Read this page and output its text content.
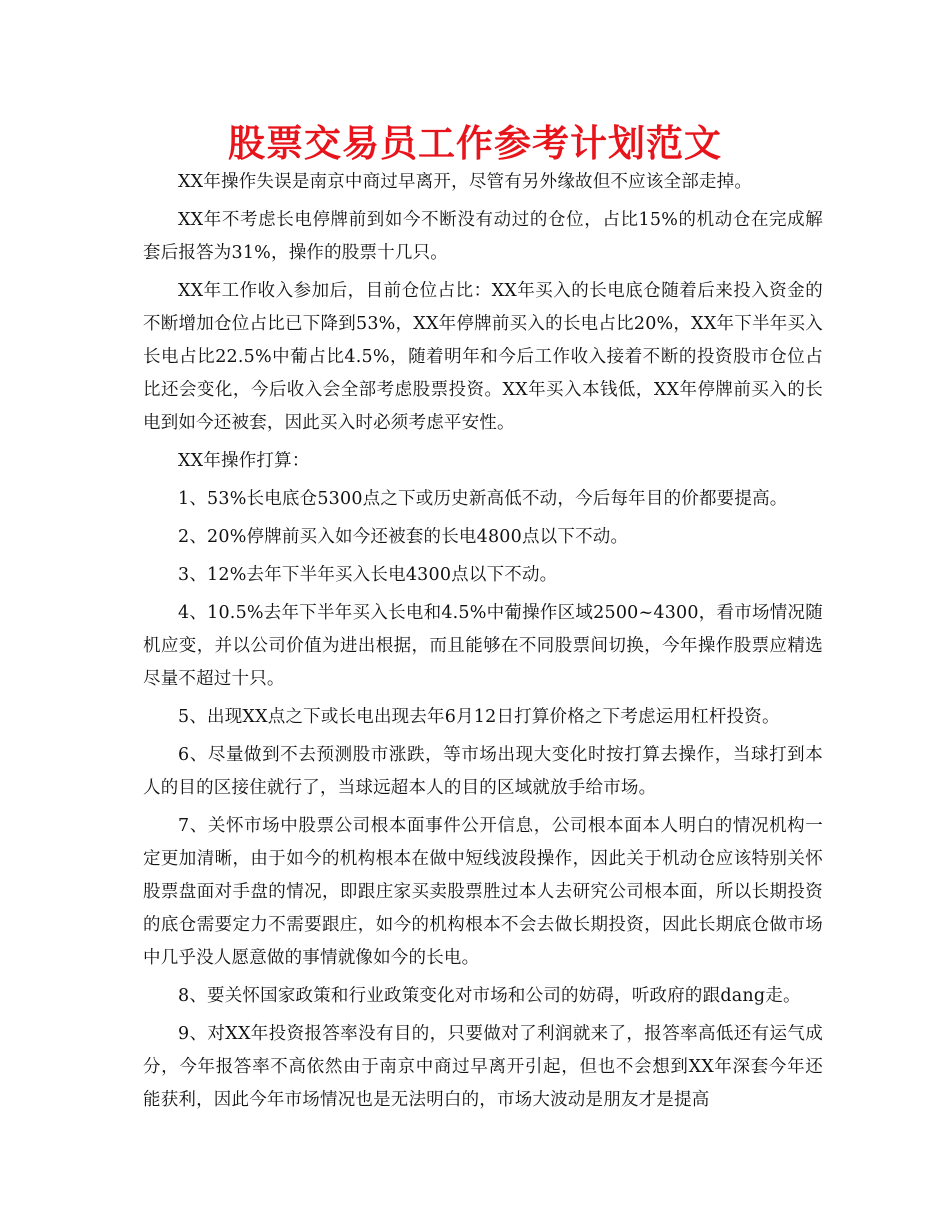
股票交易员工作参考计划范文

XX年操作失误是南京中商过早离开，尽管有另外缘故但不应该全部走掉。

XX年不考虑长电停牌前到如今不断没有动过的仓位，占比15%的机动仓在完成解套后报答为31%，操作的股票十几只。

XX年工作收入参加后，目前仓位占比：XX年买入的长电底仓随着后来投入资金的不断增加仓位占比已下降到53%，XX年停牌前买入的长电占比20%，XX年下半年买入长电占比22.5%中葡占比4.5%，随着明年和今后工作收入接着不断的投资股市仓位占比还会变化，今后收入会全部考虑股票投资。XX年买入本钱低，XX年停牌前买入的长电到如今还被套，因此买入时必须考虑平安性。

XX年操作打算：

1、53%长电底仓5300点之下或历史新高低不动，今后每年目的价都要提高。

2、20%停牌前买入如今还被套的长电4800点以下不动。

3、12%去年下半年买入长电4300点以下不动。

4、10.5%去年下半年买入长电和4.5%中葡操作区域2500~4300，看市场情况随机应变，并以公司价值为进出根据，而且能够在不同股票间切换，今年操作股票应精选尽量不超过十只。

5、出现XX点之下或长电出现去年6月12日打算价格之下考虑运用杠杆投资。

6、尽量做到不去预测股市涨跌，等市场出现大变化时按打算去操作，当球打到本人的目的区接住就行了，当球远超本人的目的区域就放手给市场。

7、关怀市场中股票公司根本面事件公开信息，公司根本面本人明白的情况机构一定更加清晰，由于如今的机构根本在做中短线波段操作，因此关于机动仓应该特别关怀股票盘面对手盘的情况，即跟庄家买卖股票胜过本人去研究公司根本面，所以长期投资的底仓需要定力不需要跟庄，如今的机构根本不会去做长期投资，因此长期底仓做市场中几乎没人愿意做的事情就像如今的长电。

8、要关怀国家政策和行业政策变化对市场和公司的妨碍，听政府的跟dang走。

9、对XX年投资报答率没有目的，只要做对了利润就来了，报答率高低还有运气成分，今年报答率不高依然由于南京中商过早离开引起，但也不会想到XX年深套今年还能获利，因此今年市场情况也是无法明白的，市场大波动是朋友才是提高
